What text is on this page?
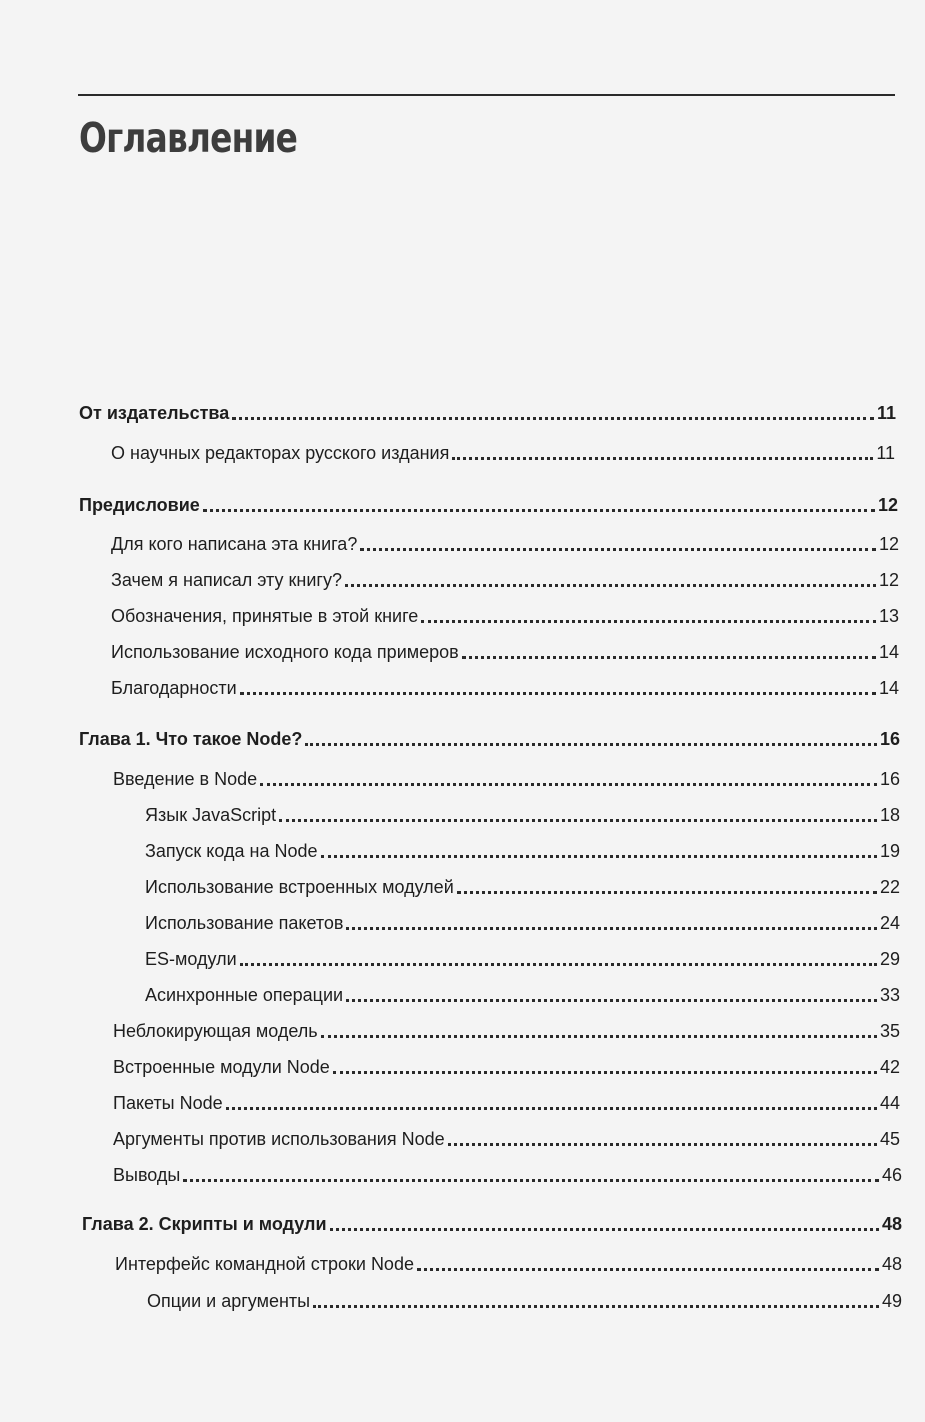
Оглавление
От издательства	11
О научных редакторах русского издания	11
Предисловие	12
Для кого написана эта книга?	12
Зачем я написал эту книгу?	12
Обозначения, принятые в этой книге	13
Использование исходного кода примеров	14
Благодарности	14
Глава 1. Что такое Node?	16
Введение в Node	16
Язык JavaScript	18
Запуск кода на Node	19
Использование встроенных модулей	22
Использование пакетов	24
ES-модули	29
Асинхронные операции	33
Неблокирующая модель	35
Встроенные модули Node	42
Пакеты Node	44
Аргументы против использования Node	45
Выводы	46
Глава 2. Скрипты и модули	48
Интерфейс командной строки Node	48
Опции и аргументы	49
